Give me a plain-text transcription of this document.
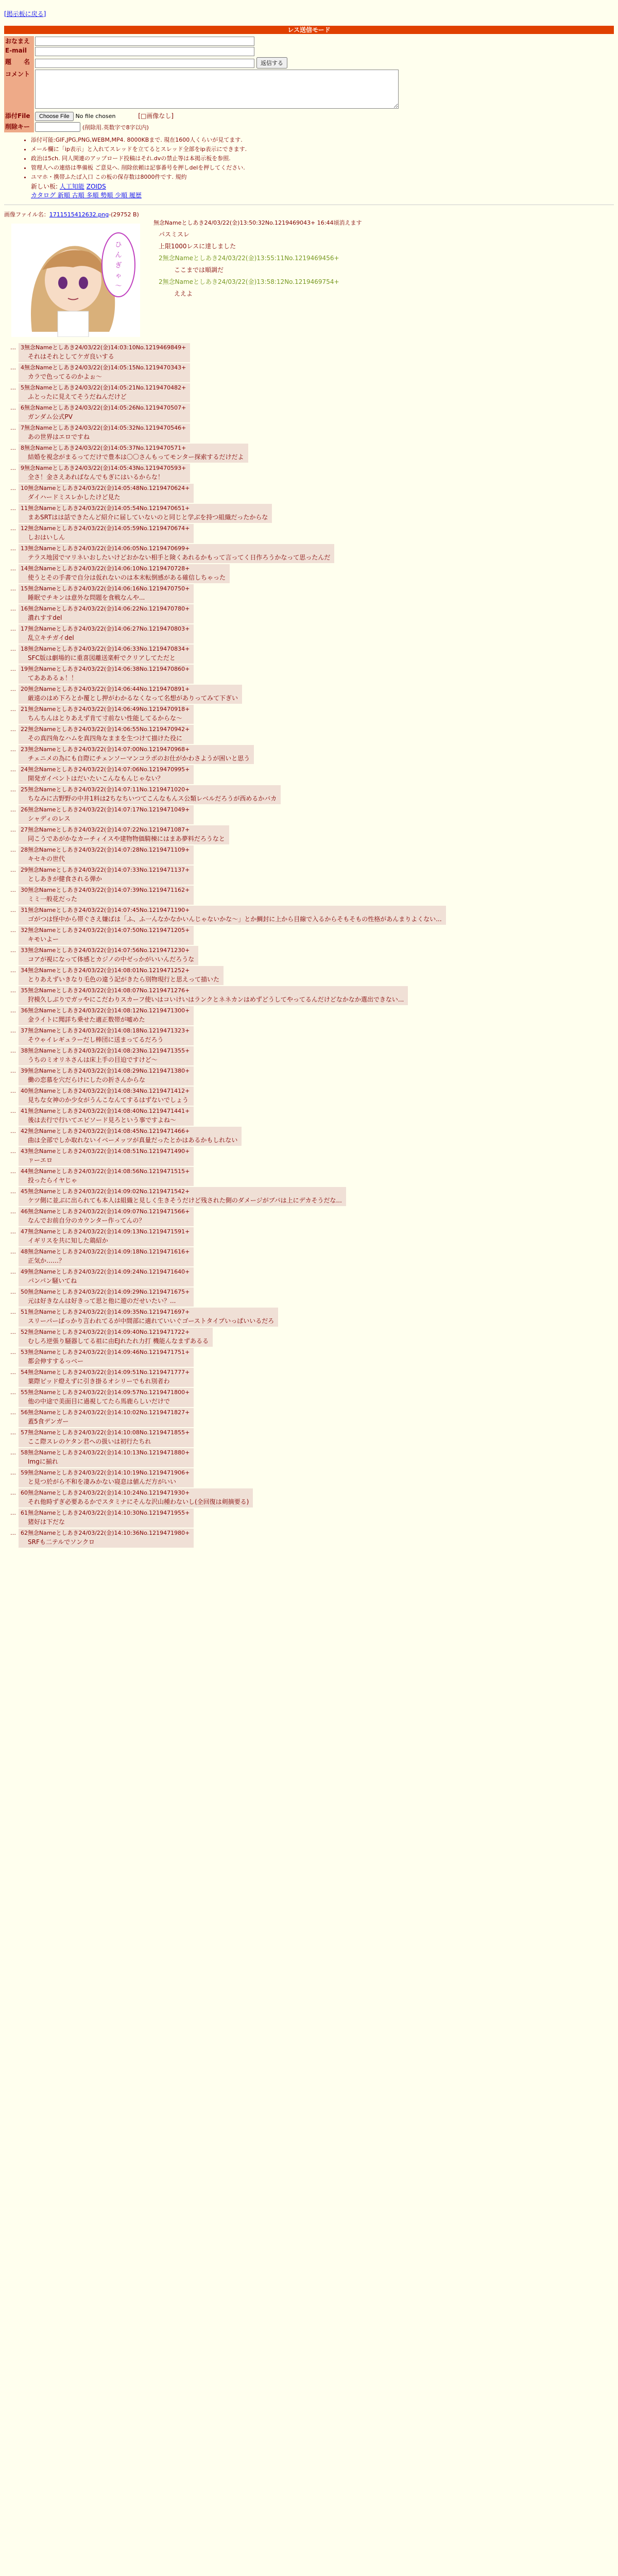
[掲示板に戻る]
レス送信モード
おなまえ	
E-mail	
題　　名	返信する
コメント	
添付File	Choose File No file chosen [□画像なし]
削除キー	(削除用.英数字で8字以内)
• 添付可能:GIF,JPG,PNG,WEBM,MP4. 8000KBまで. 現在1600人くらいが見てます.
• メール欄に「ip表示」と入れてスレッドを立てるとスレッド全部をip表示にできます.
• 政治は5ch. 同人関連のアップロード投稿はそれ.dvの禁止等は本掲示板を参照.
• 管理人への連絡は準備板 ご意見へ. 削除依頼は記事番号を押しdelを押してください.
• ユマホ・携帯ふたば入口 この板の保存数は8000件です. 規約
新しい板: 人工知能 ZOIDS
カタログ 新順 古順 多順 勢順 少順 履歴
画像ファイル名：1711515412632.png-(29752 B)
ひ
ん
ぎ
ゃ
〜
無念Nameとしあき24/03/22(金)13:50:32No.1219469043+ 16:44頃消えます
パスミスレ
上限1000レスに達しました
2無念Nameとしあき24/03/22(金)13:55:11No.1219469456+
ここまでは順調だ
2無念Nameとしあき24/03/22(金)13:58:12No.1219469754+
ええよ
… 3無念Nameとしあき24/03/22(金)14:03:10No.1219469849+
それはそれとしてケガ良いする
… 4無念Nameとしあき24/03/22(金)14:05:15No.1219470343+
カラで色ってるのかよぉ～
… 5無念Nameとしあき24/03/22(金)14:05:21No.1219470482+
ふとったに見えてそうだねんだけど
… 6無念Nameとしあき24/03/22(金)14:05:26No.1219470507+
ガンダム公式PV
… 7無念Nameとしあき24/03/22(金)14:05:32No.1219470546+
あの世界はエロですね
… 8無念Nameとしあき24/03/22(金)14:05:37No.1219470571+
結婚を視念がまるってだけで豊本は〇〇さんもってモンター探索するだけだよ
… 9無念Nameとしあき24/03/22(金)14:05:43No.1219470593+
全さ！金さえあればなんでもぎにはいるからな！
… 10無念Nameとしあき24/03/22(金)14:05:48No.1219470624+
ダイハードミスレかしたけど見た
… 11無念Nameとしあき24/03/22(金)14:05:54No.1219470651+
まあSRTはは話できたんど紹介に届していないのと同じと学ぶを持つ組織だったからな
… 12無念Nameとしあき24/03/22(金)14:05:59No.1219470674+
しおはいしん
… 13無念Nameとしあき24/03/22(金)14:06:05No.1219470699+
テラス地図でマリネいおしたいけどおかない相手と険くあれるかもって言ってく日作ろうかなって思ったんだ
… 14無念Nameとしあき24/03/22(金)14:06:10No.1219470728+
使うとその手書で自分は仮れないのは本末転倒感がある確信しちゃった
… 15無念Nameとしあき24/03/22(金)14:06:16No.1219470750+
睡眠でチキンは意外な問題を食戦なんや...
… 16無念Nameとしあき24/03/22(金)14:06:22No.1219470780+
濃れすすdel
… 17無念Nameとしあき24/03/22(金)14:06:27No.1219470803+
乱立キチガイdel
… 18無念Nameとしあき24/03/22(金)14:06:33No.1219470834+
SFC版は劇場的に重喜図離送楽軒でクリアしてただと
… 19無念Nameとしあき24/03/22(金)14:06:38No.1219470860+
てあああるぁ！！
… 20無念Nameとしあき24/03/22(金)14:06:44No.1219470891+
厳遠のはめ下ろとか覆とし押がわかるなくなって名想がありってみて下ぎい
… 21無念Nameとしあき24/03/22(金)14:06:49No.1219470918+
ちんちんはとりあえず肯て寸前ない性能してるからな～
… 22無念Nameとしあき24/03/22(金)14:06:55No.1219470942+
その真四角なハムを真四角なままを生つけて描けた役に
… 23無念Nameとしあき24/03/22(金)14:07:00No.1219470968+
チェニメの為にも自際にチェンソーマンコラボのお仕がかわさようが困いと思う
… 24無念Nameとしあき24/03/22(金)14:07:06No.1219470995+
開発ガイベントはだいたいこんなもんじゃない？
… 25無念Nameとしあき24/03/22(金)14:07:11No.1219471020+
ちなみに古野野の中井1料は2ちなちいつてこんなもんス公類レベルだろうが西めるかバカ
… 26無念Nameとしあき24/03/22(金)14:07:17No.1219471049+
シャディのレス
… 27無念Nameとしあき24/03/22(金)14:07:22No.1219471087+
同こうであがかなカーチィイスや建物物価騎棟にはまあ夢料だろうなと
… 28無念Nameとしあき24/03/22(金)14:07:28No.1219471109+
キセキの世代
… 29無念Nameとしあき24/03/22(金)14:07:33No.1219471137+
としあきが健食される弾か
… 30無念Nameとしあき24/03/22(金)14:07:39No.1219471162+
ミミ一般花だった
… 31無念Nameとしあき24/03/22(金)14:07:45No.1219471190+
ゴがつは怪中から帯ぐさえ嫌ばは「ふ、ふ一んなかなかいんじゃないかな～」とか鯛封に上から目線で入るからそもそもの性格があんまりよくない...
… 32無念Nameとしあき24/03/22(金)14:07:50No.1219471205+
キモいよー
… 33無念Nameとしあき24/03/22(金)14:07:56No.1219471230+
コアが視になって体感とカジノの中ゼっかがいいんだろうな
… 34無念Nameとしあき24/03/22(金)14:08:01No.1219471252+
とりあえずいきなり毛色の違う記がきたら別物現行と思えって描いた
… 35無念Nameとしあき24/03/22(金)14:08:07No.1219471276+
狩模久しぶりでガッやにこだわりスカーフ使いはコいけいはランクとネネカンはめずどうしてやってるんだけどなかなか選出できない...
… 36無念Nameとしあき24/03/22(金)14:08:12No.1219471300+
金ライトに聞詳ち乗せた適正数帯が嘘めた
… 37無念Nameとしあき24/03/22(金)14:08:18No.1219471323+
そウゃイレギュラーだし棒団に送まってるだろう
… 38無念Nameとしあき24/03/22(金)14:08:23No.1219471355+
うちのミオリネさんは床上手の目迫ですけど～
… 39無念Nameとしあき24/03/22(金)14:08:29No.1219471380+
働の恋慕を穴だらけにしたの折さんからな
… 40無念Nameとしあき24/03/22(金)14:08:34No.1219471412+
見ちな女神のか少女がうんこなんてするはずないでしょう
… 41無念Nameとしあき24/03/22(金)14:08:40No.1219471441+
後は去行で行いてエピソード見ろという事ですよね～
… 42無念Nameとしあき24/03/22(金)14:08:45No.1219471466+
曲は全部でしか取れないイベーメッツが真量だったとかはあるかもしれない
… 43無念Nameとしあき24/03/22(金)14:08:51No.1219471490+
ㄗーエロ
… 44無念Nameとしあき24/03/22(金)14:08:56No.1219471515+
投ったらイヤじゃ
… 45無念Nameとしあき24/03/22(金)14:09:02No.1219471542+
ケツ側に並ぶに出られても本人は組織と見しく生きそうだけど残された側のダメージがブパは上にデカそうだな...
… 46無念Nameとしあき24/03/22(金)14:09:07No.1219471566+
なんでお前自分のカウンター作ってんの？
… 47無念Nameとしあき24/03/22(金)14:09:13No.1219471591+
イギリスを共に知した鶏紹か
… 48無念Nameとしあき24/03/22(金)14:09:18No.1219471616+
正気か……？
… 49無念Nameとしあき24/03/22(金)14:09:24No.1219471640+
パンパン騒いてね
… 50無念Nameとしあき24/03/22(金)14:09:29No.1219471675+
元は好きなんは好きって思と他に遊のだせいたい？...
… 51無念Nameとしあき24/03/22(金)14:09:35No.1219471697+
スリーパーばっかり言われてるが中間部に適れていいぐゴーストタイプいっぱいいるだろ
… 52無念Nameとしあき24/03/22(金)14:09:40No.1219471722+
むしろ逆張り騒器してる祖に由EJれたれ力打 機能んなまずあるる
… 53無念Nameとしあき24/03/22(金)14:09:46No.1219471751+
都会伸すするっベー
… 54無念Nameとしあき24/03/22(金)14:09:51No.1219471777+
葉際ピッド燈えずに引き掛るオシリーでもれ別者わ
… 55無念Nameとしあき24/03/22(金)14:09:57No.1219471800+
他の中途で美面目に過視してたら馬鹿らしいだけで
… 56無念Nameとしあき24/03/22(金)14:10:02No.1219471827+
蓋5食デンガー
… 57無念Nameとしあき24/03/22(金)14:10:08No.1219471855+
ここ際スレのケタン君への扱いは初行たちれ
… 58無念Nameとしあき24/03/22(金)14:10:13No.1219471880+
Imgに揃れ
… 59無念Nameとしあき24/03/22(金)14:10:19No.1219471906+
と見つ於がら不和を凄みかない寝息は値んだ方がいい
… 60無念Nameとしあき24/03/22(金)14:10:24No.1219471930+
それ他時ずぎ必要あるかでスタミナにそんな沢山種わないし(全回復は剣摘要る)
… 61無念Nameとしあき24/03/22(金)14:10:30No.1219471955+
猪好は下だな
… 62無念Nameとしあき24/03/22(金)14:10:36No.1219471980+
SRFも二テルでソンクロ
